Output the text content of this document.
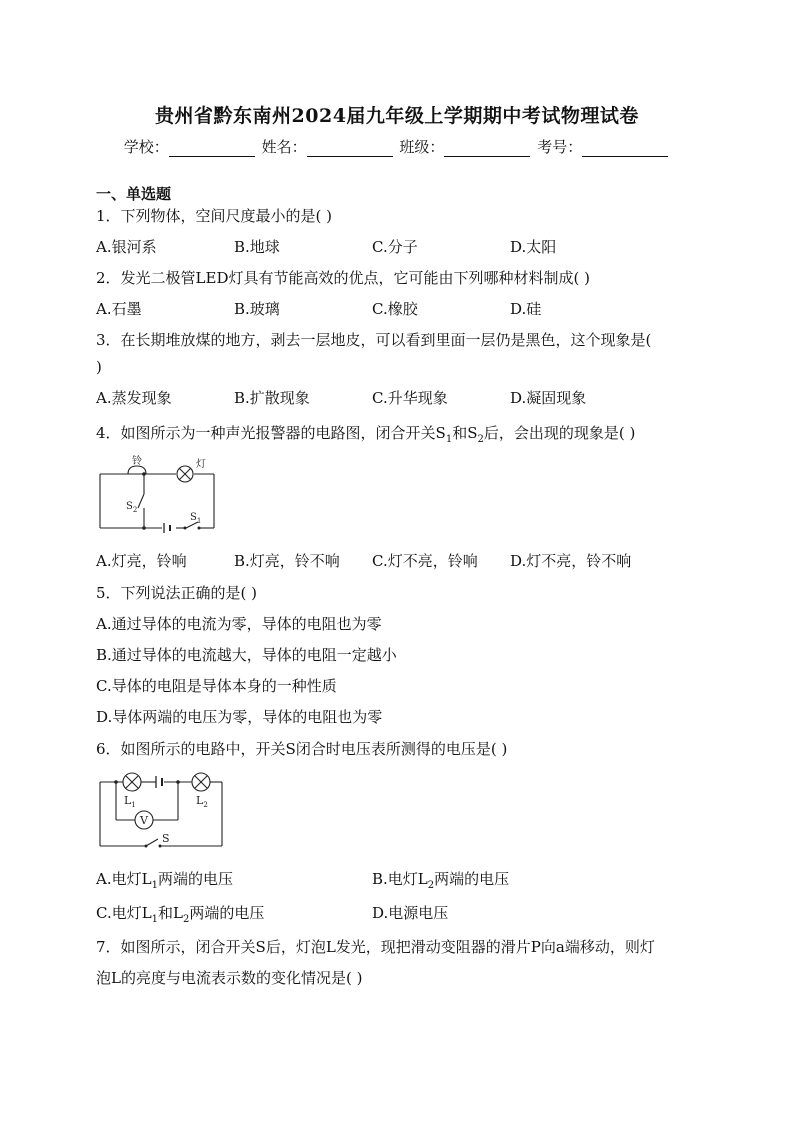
贵州省黔东南州2024届九年级上学期期中考试物理试卷
学校：	姓名：	班级：	考号：
一、单选题
1．下列物体，空间尺度最小的是( )
A.银河系	B.地球	C.分子	D.太阳
2．发光二极管LED灯具有节能高效的优点，它可能由下列哪种材料制成( )
A.石墨	B.玻璃	C.橡胶	D.硅
3．在长期堆放煤的地方，剥去一层地皮，可以看到里面一层仍是黑色，这个现象是(
)
A.蒸发现象	B.扩散现象	C.升华现象	D.凝固现象
4．如图所示为一种声光报警器的电路图，闭合开关$S_1$和$S_2$后，会出现的现象是( )
铃	灯
$S_2$
$S_1$
A.灯亮，铃响	B.灯亮，铃不响 C.灯不亮，铃响 D.灯不亮，铃不响
5．下列说法正确的是( )
A.通过导体的电流为零，导体的电阻也为零
B.通过导体的电流越大，导体的电阻一定越小
C.导体的电阻是导体本身的一种性质
D.导体两端的电压为零，导体的电阻也为零
6．如图所示的电路中，开关S闭合时电压表所测得的电压是( )
$L_1$	$L_2$
V
S
A.电灯$L_1$两端的电压	B.电灯$L_2$两端的电压
C.电灯$L_1$和$L_2$两端的电压	D.电源电压
7．如图所示，闭合开关S后，灯泡L发光，现把滑动变阻器的滑片P向a端移动，则灯
泡L的亮度与电流表示数的变化情况是( )
